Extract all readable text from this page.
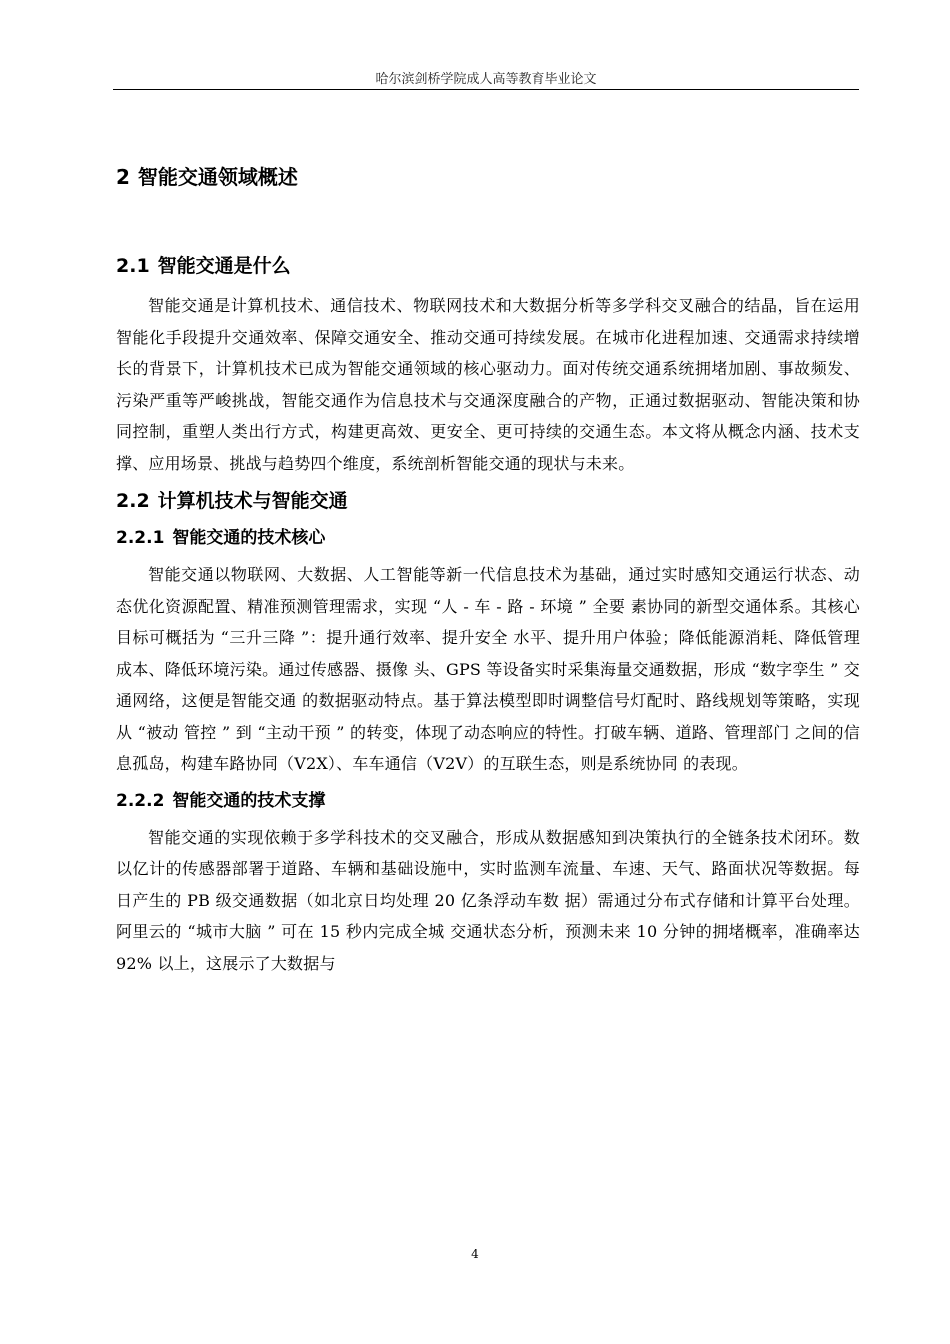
哈尔滨剑桥学院成人高等教育毕业论文
2 智能交通领域概述
2.1 智能交通是什么

智能交通是计算机技术、通信技术、物联网技术和大数据分析等多学科交叉融合的结晶，旨在运用智能化手段提升交通效率、保障交通安全、推动交通可持续发展。在城市化进程加速、交通需求持续增长的背景下，计算机技术已成为智能交通领域的核心驱动力。面对传统交通系统拥堵加剧、事故频发、污染严重等严峻挑战，智能交通作为信息技术与交通深度融合的产物，正通过数据驱动、智能决策和协同控制，重塑人类出行方式，构建更高效、更安全、更可持续的交通生态。本文将从概念内涵、技术支撑、应用场景、挑战与趋势四个维度，系统剖析智能交通的现状与未来。

2.2 计算机技术与智能交通
2.2.1 智能交通的技术核心

智能交通以物联网、大数据、人工智能等新一代信息技术为基础，通过实时感知交通运行状态、动态优化资源配置、精准预测管理需求，实现 “人 - 车 - 路 - 环境 ” 全要 素协同的新型交通体系。其核心目标可概括为 “三升三降 ”：提升通行效率、提升安全 水平、提升用户体验；降低能源消耗、降低管理成本、降低环境污染。通过传感器、摄像 头、GPS 等设备实时采集海量交通数据，形成 “数字孪生 ” 交通网络，这便是智能交通 的数据驱动特点。基于算法模型即时调整信号灯配时、路线规划等策略，实现从 “被动 管控 ” 到 “主动干预 ” 的转变，体现了动态响应的特性。打破车辆、道路、管理部门 之间的信息孤岛，构建车路协同（V2X）、车车通信（V2V）的互联生态，则是系统协同 的表现。

2.2.2 智能交通的技术支撑

智能交通的实现依赖于多学科技术的交叉融合，形成从数据感知到决策执行的全链条技术闭环。数以亿计的传感器部署于道路、车辆和基础设施中，实时监测车流量、车速、天气、路面状况等数据。每日产生的 PB 级交通数据（如北京日均处理 20 亿条浮动车数 据）需通过分布式存储和计算平台处理。阿里云的 “城市大脑 ” 可在 15 秒内完成全城 交通状态分析，预测未来 10 分钟的拥堵概率，准确率达 92% 以上，这展示了大数据与

4
